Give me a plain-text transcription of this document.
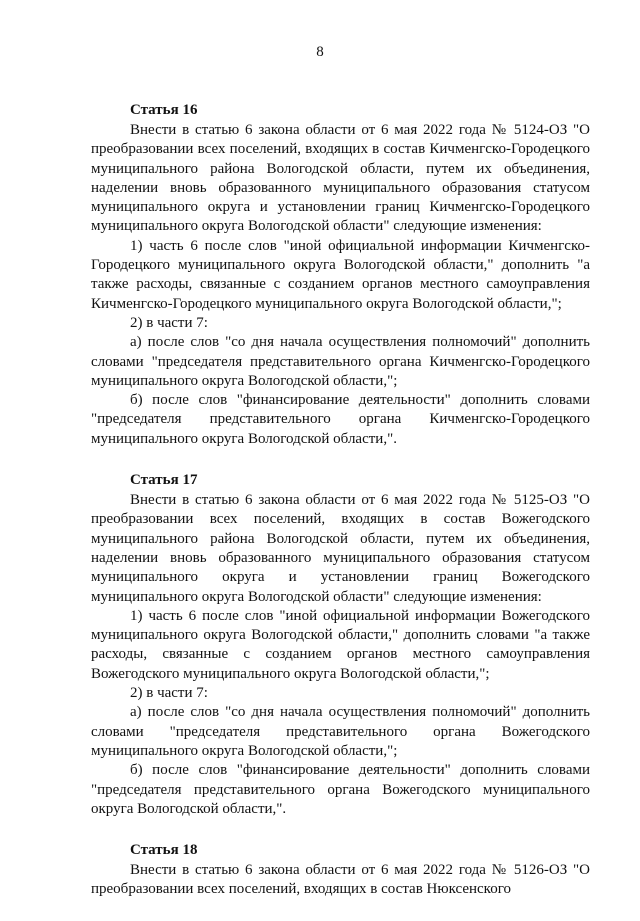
8
Статья 16

Внести в статью 6 закона области от 6 мая 2022 года № 5124-ОЗ "О преобразовании всех поселений, входящих в состав Кичменгско-Городецкого муниципального района Вологодской области, путем их объединения, наделении вновь образованного муниципального образования статусом муниципального округа и установлении границ Кичменгско-Городецкого муниципального округа Вологодской области" следующие изменения:

1) часть 6 после слов "иной официальной информации Кичменгско-Городецкого муниципального округа Вологодской области," дополнить "а также расходы, связанные с созданием органов местного самоуправления Кичменгско-Городецкого муниципального округа Вологодской области,";

2) в части 7:

а) после слов "со дня начала осуществления полномочий" дополнить словами "председателя представительного органа Кичменгско-Городецкого муниципального округа Вологодской области,";

б) после слов "финансирование деятельности" дополнить словами "председателя представительного органа Кичменгско-Городецкого муниципального округа Вологодской области,".

Статья 17

Внести в статью 6 закона области от 6 мая 2022 года № 5125-ОЗ "О преобразовании всех поселений, входящих в состав Вожегодского муниципального района Вологодской области, путем их объединения, наделении вновь образованного муниципального образования статусом муниципального округа и установлении границ Вожегодского муниципального округа Вологодской области" следующие изменения:

1) часть 6 после слов "иной официальной информации Вожегодского муниципального округа Вологодской области," дополнить словами "а также расходы, связанные с созданием органов местного самоуправления Вожегодского муниципального округа Вологодской области,";

2) в части 7:

а) после слов "со дня начала осуществления полномочий" дополнить словами "председателя представительного органа Вожегодского муниципального округа Вологодской области,";

б) после слов "финансирование деятельности" дополнить словами "председателя представительного органа Вожегодского муниципального округа Вологодской области,".

Статья 18

Внести в статью 6 закона области от 6 мая 2022 года № 5126-ОЗ "О преобразовании всех поселений, входящих в состав Нюксенского
